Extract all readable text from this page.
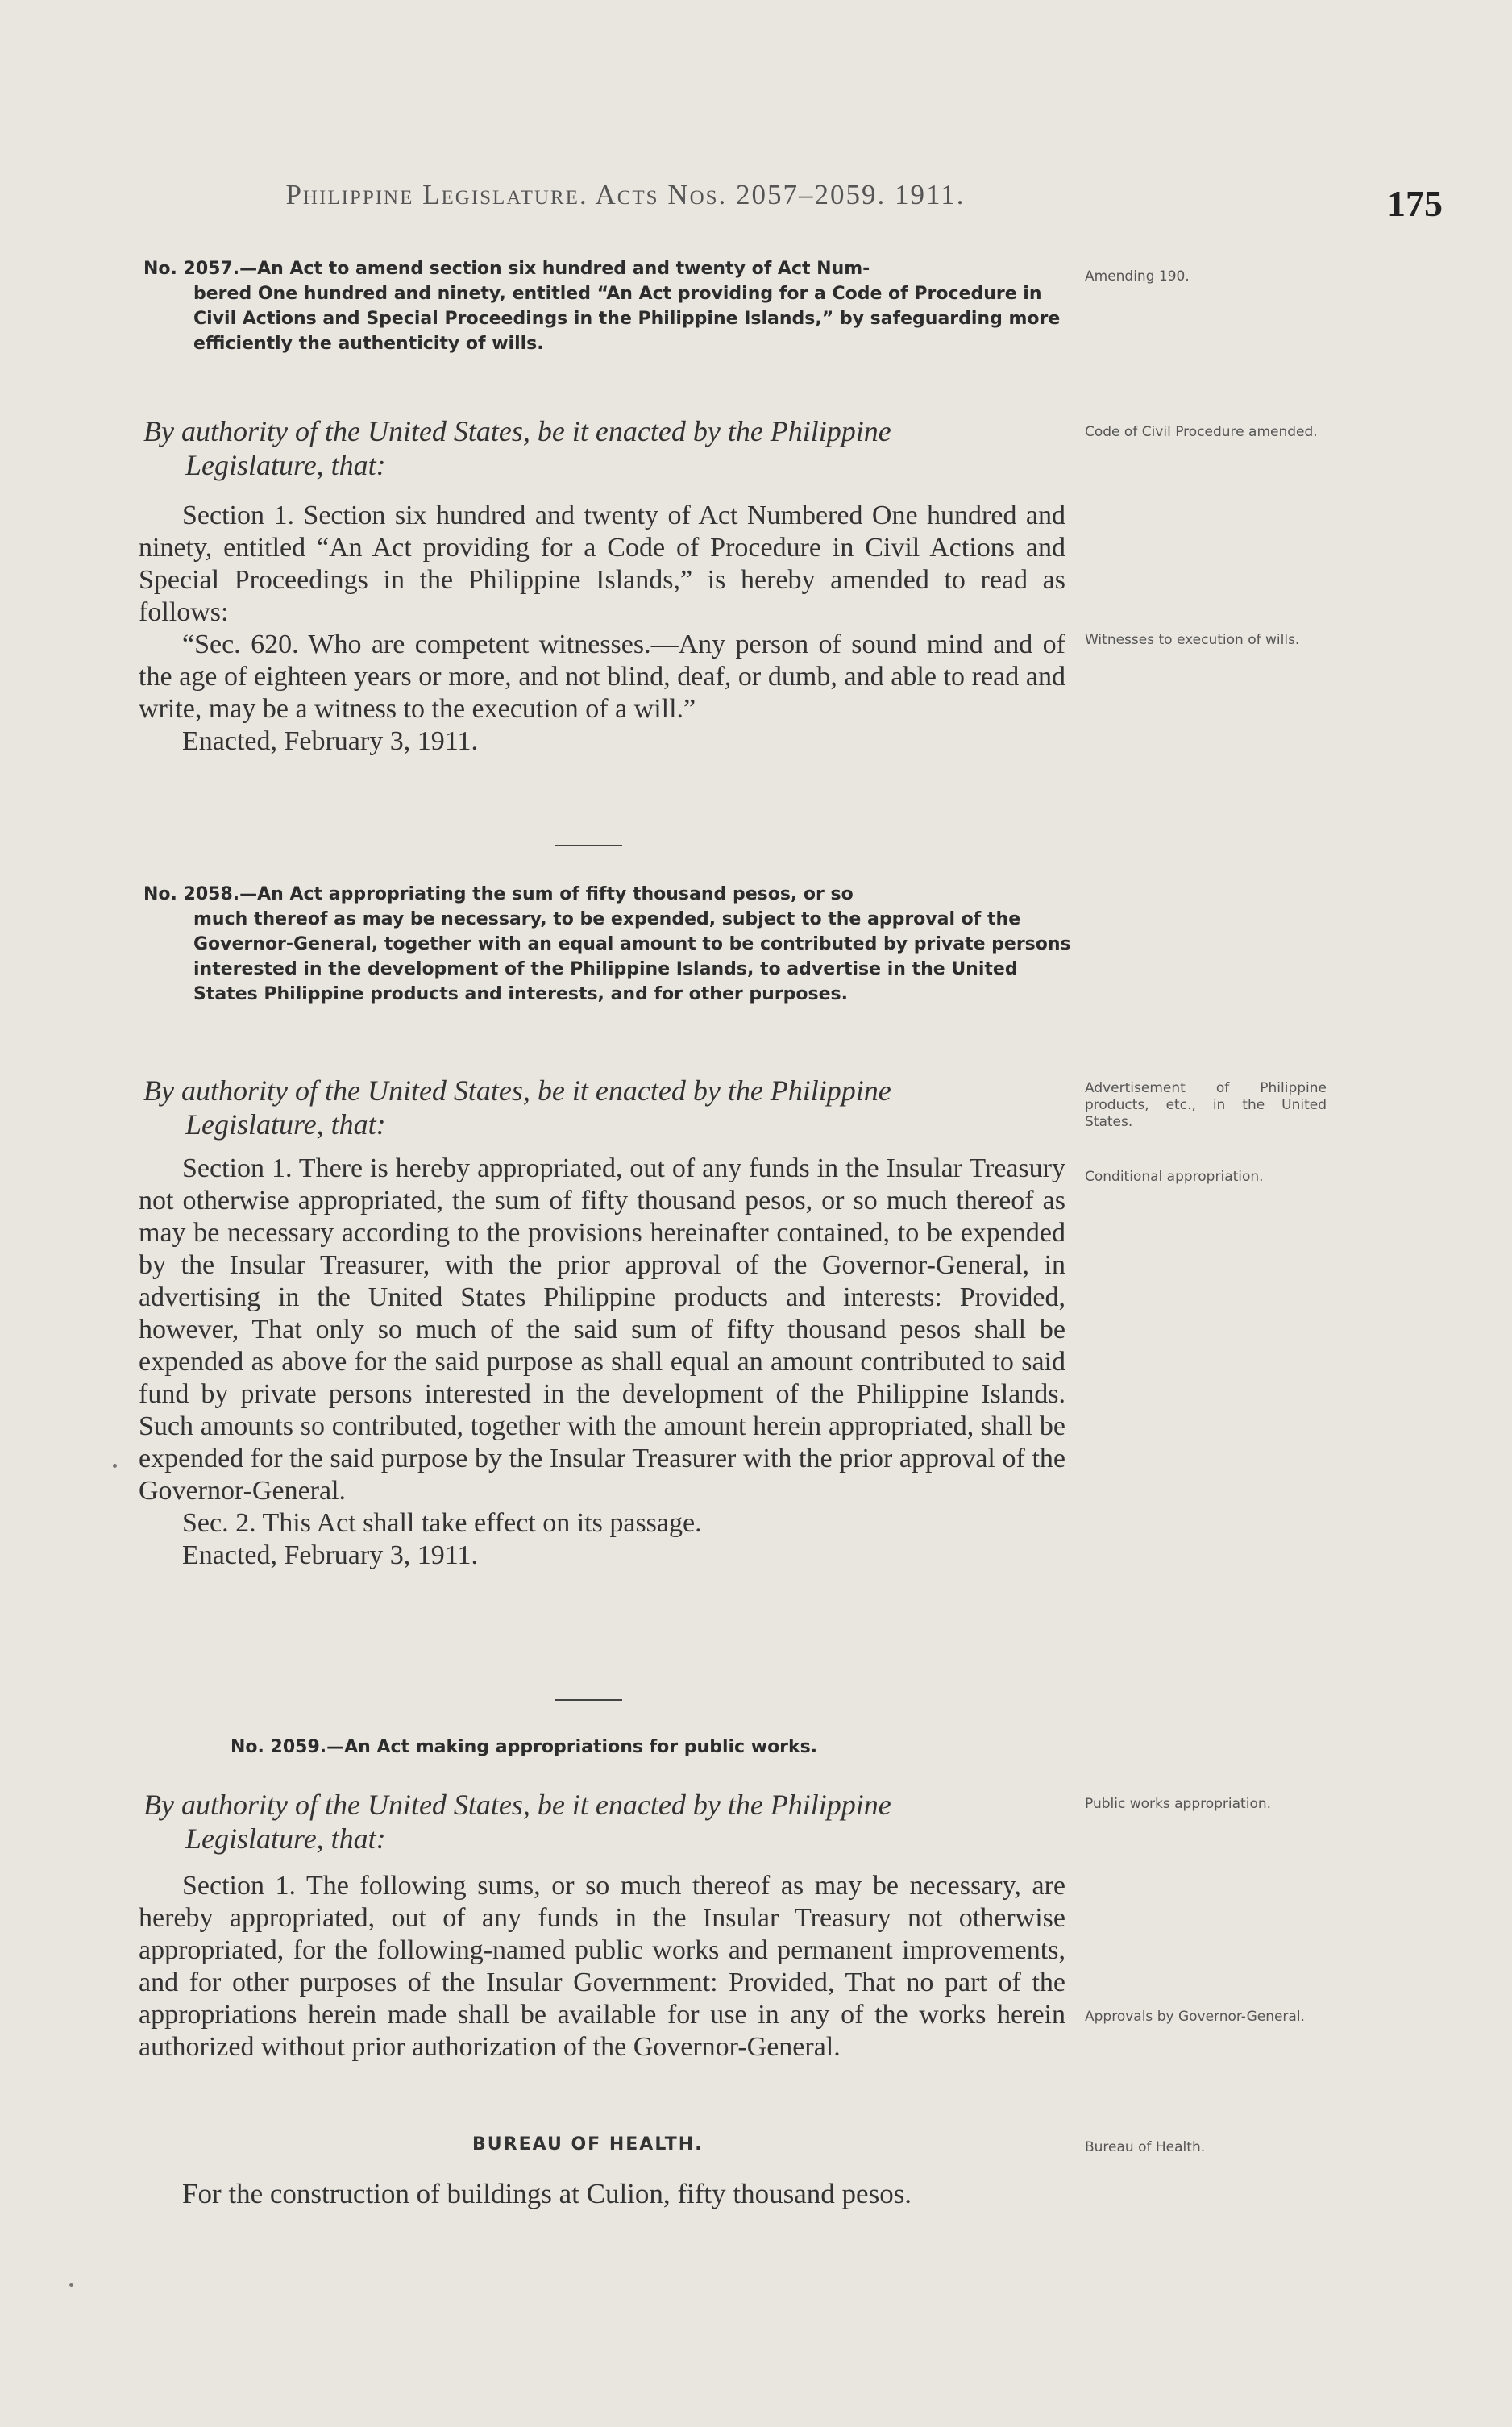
Philippine Legislature. Acts Nos. 2057–2059. 1911.	175
No. 2057.—An Act to amend section six hundred and twenty of Act Num-
bered One hundred and ninety, entitled “An Act providing for a Code of Procedure in Civil Actions and Special Proceedings in the Philippine Islands,” by safeguarding more efficiently the authenticity of wills.
Amending 190.
By authority of the United States, be it enacted by the Philippine
Legislature, that:
Code of Civil Procedure amended.

Section 1. Section six hundred and twenty of Act Numbered One hundred and ninety, entitled “An Act providing for a Code of Procedure in Civil Actions and Special Proceedings in the Philippine Islands,” is hereby amended to read as follows:

“Sec. 620. Who are competent witnesses.—Any person of sound mind and of the age of eighteen years or more, and not blind, deaf, or dumb, and able to read and write, may be a witness to the execution of a will.”

Enacted, February 3, 1911.

Witnesses to execution of wills.
No. 2058.—An Act appropriating the sum of fifty thousand pesos, or so
much thereof as may be necessary, to be expended, subject to the approval of the Governor-General, together with an equal amount to be contributed by private persons interested in the development of the Philippine Islands, to advertise in the United States Philippine products and interests, and for other purposes.
By authority of the United States, be it enacted by the Philippine
Legislature, that:
Advertisement of Philippine products, etc., in the United States.

Section 1. There is hereby appropriated, out of any funds in the Insular Treasury not otherwise appropriated, the sum of fifty thousand pesos, or so much thereof as may be necessary according to the provisions hereinafter contained, to be expended by the Insular Treasurer, with the prior approval of the Governor-General, in advertising in the United States Philippine products and interests: Provided, however, That only so much of the said sum of fifty thousand pesos shall be expended as above for the said purpose as shall equal an amount contributed to said fund by private persons interested in the development of the Philippine Islands. Such amounts so contributed, together with the amount herein appropriated, shall be expended for the said purpose by the Insular Treasurer with the prior approval of the Governor-General.

Sec. 2. This Act shall take effect on its passage.

Enacted, February 3, 1911.

Conditional appropriation.
No. 2059.—An Act making appropriations for public works.
By authority of the United States, be it enacted by the Philippine
Legislature, that:
Public works appropriation.

Section 1. The following sums, or so much thereof as may be necessary, are hereby appropriated, out of any funds in the Insular Treasury not otherwise appropriated, for the following-named public works and permanent improvements, and for other purposes of the Insular Government: Provided, That no part of the appropriations herein made shall be available for use in any of the works herein authorized without prior authorization of the Governor-General.

Approvals by Governor-General.
BUREAU OF HEALTH.	Bureau of Health.
For the construction of buildings at Culion, fifty thousand pesos.
